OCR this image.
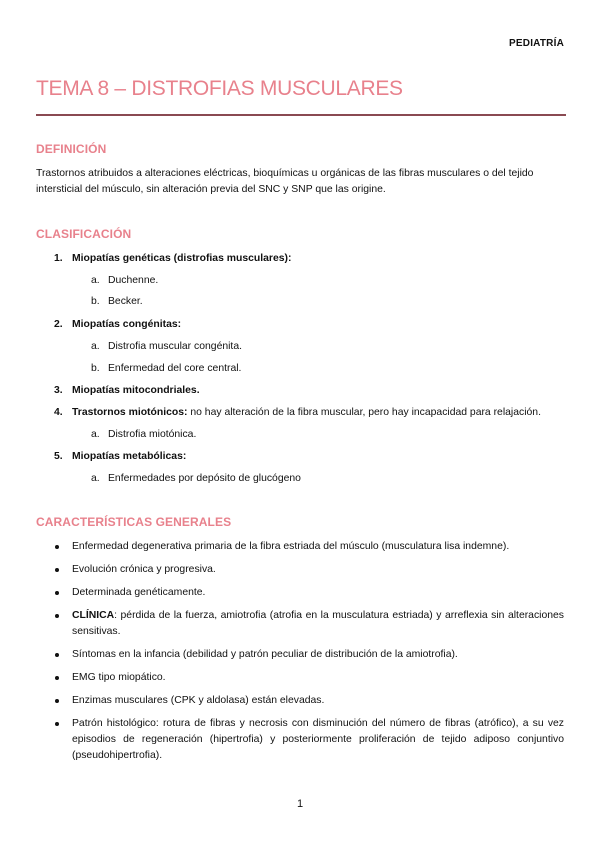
PEDIATRÍA
TEMA 8 – DISTROFIAS MUSCULARES
DEFINICIÓN

Trastornos atribuidos a alteraciones eléctricas, bioquímicas u orgánicas de las fibras musculares o del tejido intersticial del músculo, sin alteración previa del SNC y SNP que las origine.

CLASIFICACIÓN
1. Miopatías genéticas (distrofias musculares):
a. Duchenne.
b. Becker.
2. Miopatías congénitas:
a. Distrofia muscular congénita.
b. Enfermedad del core central.
3. Miopatías mitocondriales.
4. Trastornos miotónicos: no hay alteración de la fibra muscular, pero hay incapacidad para relajación.
a. Distrofia miotónica.
5. Miopatías metabólicas:
a. Enfermedades por depósito de glucógeno
CARACTERÍSTICAS GENERALES
Enfermedad degenerativa primaria de la fibra estriada del músculo (musculatura lisa indemne).
Evolución crónica y progresiva.
Determinada genéticamente.
CLÍNICA: pérdida de la fuerza, amiotrofia (atrofia en la musculatura estriada) y arreflexia sin alteraciones sensitivas.
Síntomas en la infancia (debilidad y patrón peculiar de distribución de la amiotrofia).
EMG tipo miopático.
Enzimas musculares (CPK y aldolasa) están elevadas.
Patrón histológico: rotura de fibras y necrosis con disminución del número de fibras (atrófico), a su vez episodios de regeneración (hipertrofia) y posteriormente proliferación de tejido adiposo conjuntivo (pseudohipertrofia).
1
